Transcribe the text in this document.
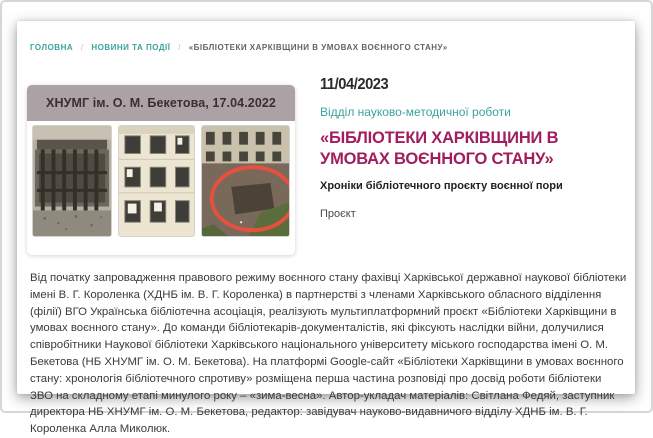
ГОЛОВНА / НОВИНИ ТА ПОДІЇ / «БІБЛІОТЕКИ ХАРКІВЩИНИ В УМОВАХ ВОЄННОГО СТАНУ»
ХНУМГ ім. О. М. Бекетова, 17.04.2022
11/04/2023
Відділ науково-методичної роботи
«БІБЛІОТЕКИ ХАРКІВЩИНИ В УМОВАХ ВОЄННОГО СТАНУ»
Хроніки бібліотечного проєкту воєнної пори
Проєкт

Від початку запровадження правового режиму воєнного стану фахівці Харківської державної наукової бібліотеки імені В. Г. Короленка (ХДНБ ім. В. Г. Короленка) в партнерстві з членами Харківського обласного відділення (філії) ВГО Українська бібліотечна асоціація, реалізують мультиплатформний проєкт «Бібліотеки Харківщини в умовах воєнного стану». До команди бібліотекарів-документалістів, які фіксують наслідки війни, долучилися співробітники Наукової бібліотеки Харківського національного університету міського господарства імені О. М. Бекетова (НБ ХНУМГ ім. О. М. Бекетова). На платформі Google-сайт «Бібліотеки Харківщини в умовах воєнного стану: хронологія бібліотечного спротиву» розміщена перша частина розповіді про досвід роботи бібліотеки ЗВО на складному етапі минулого року – «зима-весна». Автор-укладач матеріалів: Світлана Федяй, заступник директора НБ ХНУМГ ім. О. М. Бекетова, редактор: завідувач науково-видавничого відділу ХДНБ ім. В. Г. Короленка Алла Миколюк.
